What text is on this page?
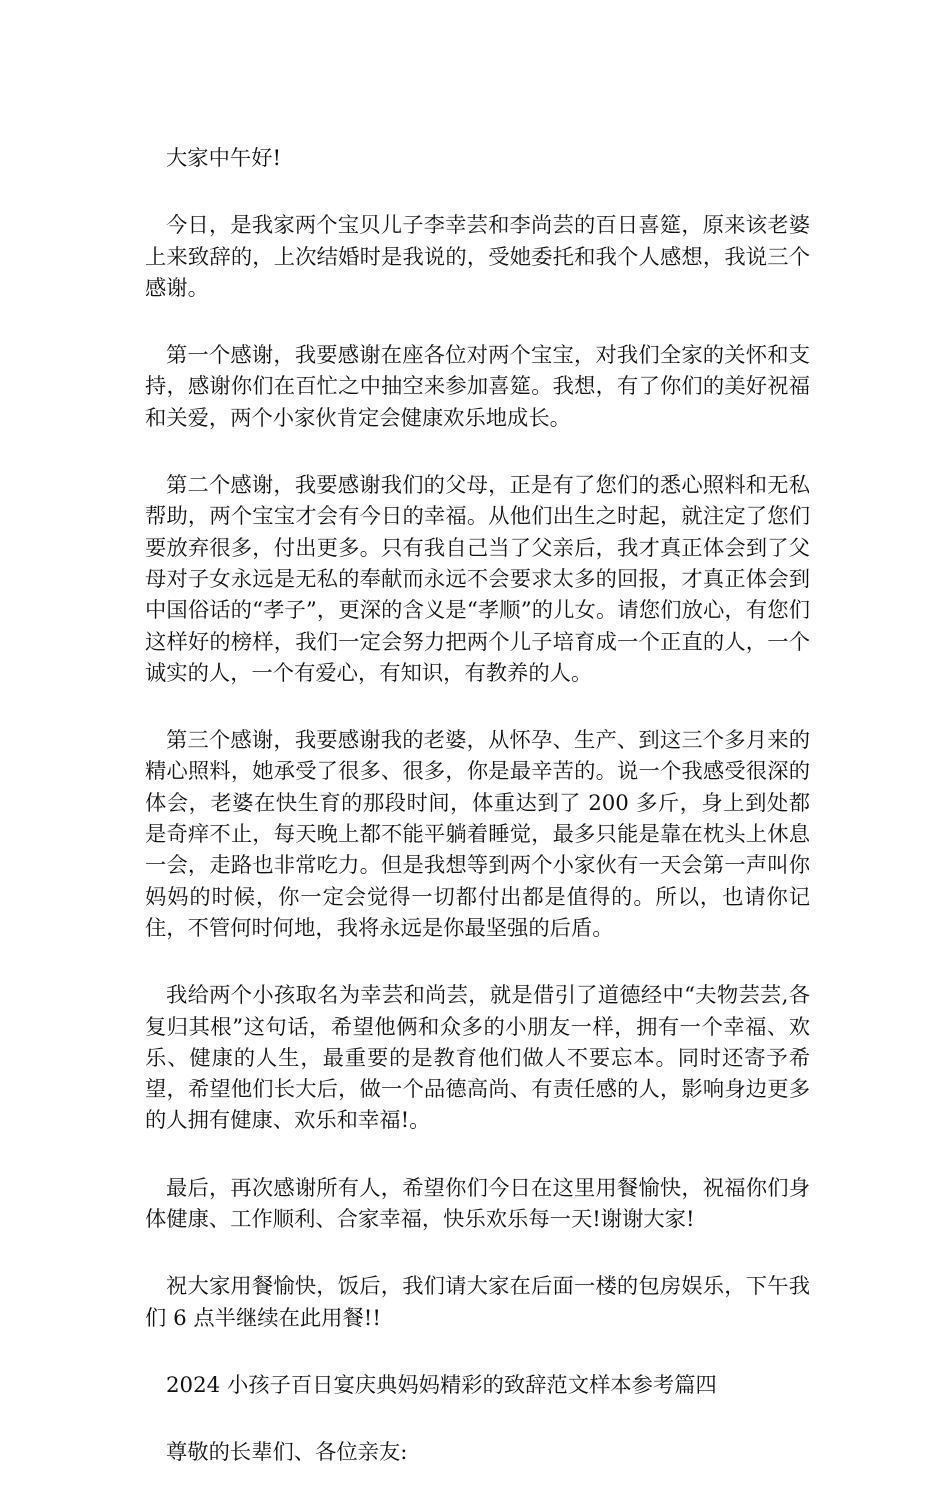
大家中午好!

今日，是我家两个宝贝儿子李幸芸和李尚芸的百日喜筵，原来该老婆上来致辞的，上次结婚时是我说的，受她委托和我个人感想，我说三个感谢。

第一个感谢，我要感谢在座各位对两个宝宝，对我们全家的关怀和支持，感谢你们在百忙之中抽空来参加喜筵。我想，有了你们的美好祝福和关爱，两个小家伙肯定会健康欢乐地成长。

第二个感谢，我要感谢我们的父母，正是有了您们的悉心照料和无私帮助，两个宝宝才会有今日的幸福。从他们出生之时起，就注定了您们要放弃很多，付出更多。只有我自己当了父亲后，我才真正体会到了父母对子女永远是无私的奉献而永远不会要求太多的回报，才真正体会到中国俗话的“孝子”，更深的含义是“孝顺”的儿女。请您们放心，有您们这样好的榜样，我们一定会努力把两个儿子培育成一个正直的人，一个诚实的人，一个有爱心，有知识，有教养的人。

第三个感谢，我要感谢我的老婆，从怀孕、生产、到这三个多月来的精心照料，她承受了很多、很多，你是最辛苦的。说一个我感受很深的体会，老婆在快生育的那段时间，体重达到了 200 多斤，身上到处都是奇痒不止，每天晚上都不能平躺着睡觉，最多只能是靠在枕头上休息一会，走路也非常吃力。但是我想等到两个小家伙有一天会第一声叫你妈妈的时候，你一定会觉得一切都付出都是值得的。所以，也请你记住，不管何时何地，我将永远是你最坚强的后盾。

我给两个小孩取名为幸芸和尚芸，就是借引了道德经中“夫物芸芸,各复归其根”这句话，希望他俩和众多的小朋友一样，拥有一个幸福、欢乐、健康的人生，最重要的是教育他们做人不要忘本。同时还寄予希望，希望他们长大后，做一个品德高尚、有责任感的人，影响身边更多的人拥有健康、欢乐和幸福!。

最后，再次感谢所有人，希望你们今日在这里用餐愉快，祝福你们身体健康、工作顺利、合家幸福，快乐欢乐每一天!谢谢大家!

祝大家用餐愉快，饭后，我们请大家在后面一楼的包房娱乐，下午我们 6 点半继续在此用餐!!

2024 小孩子百日宴庆典妈妈精彩的致辞范文样本参考篇四

尊敬的长辈们、各位亲友:
